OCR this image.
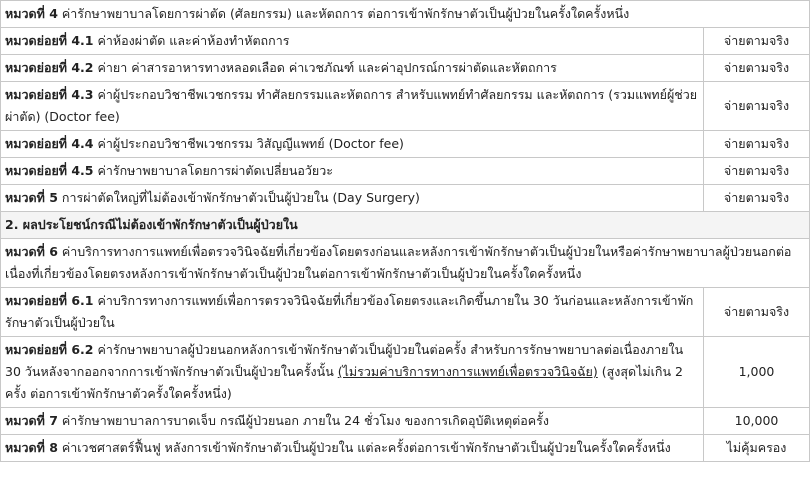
หมวดที่ 4 ค่ารักษาพยาบาลโดยการผ่าตัด (ศัลยกรรม) และหัตถการ ต่อการเข้าพักรักษาตัวเป็นผู้ป่วยในครั้งใดครั้งหนึ่ง	
หมวดย่อยที่ 4.1 ค่าห้องผ่าตัด และค่าห้องทำหัตถการ	จ่ายตามจริง
หมวดย่อยที่ 4.2 ค่ายา ค่าสารอาหารทางหลอดเลือด ค่าเวชภัณฑ์ และค่าอุปกรณ์การผ่าตัดและหัตถการ	จ่ายตามจริง
หมวดย่อยที่ 4.3 ค่าผู้ประกอบวิชาชีพเวชกรรม ทำศัลยกรรมและหัตถการ สำหรับแพทย์ทำศัลยกรรม และหัตถการ (รวมแพทย์ผู้ช่วยผ่าตัด) (Doctor fee)	จ่ายตามจริง
หมวดย่อยที่ 4.4 ค่าผู้ประกอบวิชาชีพเวชกรรม วิสัญญีแพทย์ (Doctor fee)	จ่ายตามจริง
หมวดย่อยที่ 4.5 ค่ารักษาพยาบาลโดยการผ่าตัดเปลี่ยนอวัยวะ	จ่ายตามจริง
หมวดที่ 5 การผ่าตัดใหญ่ที่ไม่ต้องเข้าพักรักษาตัวเป็นผู้ป่วยใน (Day Surgery)	จ่ายตามจริง
2. ผลประโยชน์กรณีไม่ต้องเข้าพักรักษาตัวเป็นผู้ป่วยใน	
หมวดที่ 6 ค่าบริการทางการแพทย์เพื่อตรวจวินิจฉัยที่เกี่ยวข้องโดยตรงก่อนและหลังการเข้าพักรักษาตัวเป็นผู้ป่วยในหรือค่ารักษาพยาบาลผู้ป่วยนอกต่อเนื่องที่เกี่ยวข้องโดยตรงหลังการเข้าพักรักษาตัวเป็นผู้ป่วยในต่อการเข้าพักรักษาตัวเป็นผู้ป่วยในครั้งใดครั้งหนึ่ง	
หมวดย่อยที่ 6.1 ค่าบริการทางการแพทย์เพื่อการตรวจวินิจฉัยที่เกี่ยวข้องโดยตรงและเกิดขึ้นภายใน 30 วันก่อนและหลังการเข้าพักรักษาตัวเป็นผู้ป่วยใน	จ่ายตามจริง
หมวดย่อยที่ 6.2 ค่ารักษาพยาบาลผู้ป่วยนอกหลังการเข้าพักรักษาตัวเป็นผู้ป่วยในต่อครั้ง สำหรับการรักษาพยาบาลต่อเนื่องภายใน 30 วันหลังจากออกจากการเข้าพักรักษาตัวเป็นผู้ป่วยในครั้งนั้น (ไม่รวมค่าบริการทางการแพทย์เพื่อตรวจวินิจฉัย) (สูงสุดไม่เกิน 2 ครั้ง ต่อการเข้าพักรักษาตัวครั้งใดครั้งหนึ่ง)	1,000
หมวดที่ 7 ค่ารักษาพยาบาลการบาดเจ็บ กรณีผู้ป่วยนอก ภายใน 24 ชั่วโมง ของการเกิดอุบัติเหตุต่อครั้ง	10,000
หมวดที่ 8 ค่าเวชศาสตร์ฟื้นฟู หลังการเข้าพักรักษาตัวเป็นผู้ป่วยใน แต่ละครั้งต่อการเข้าพักรักษาตัวเป็นผู้ป่วยในครั้งใดครั้งหนึ่ง	ไม่คุ้มครอง
